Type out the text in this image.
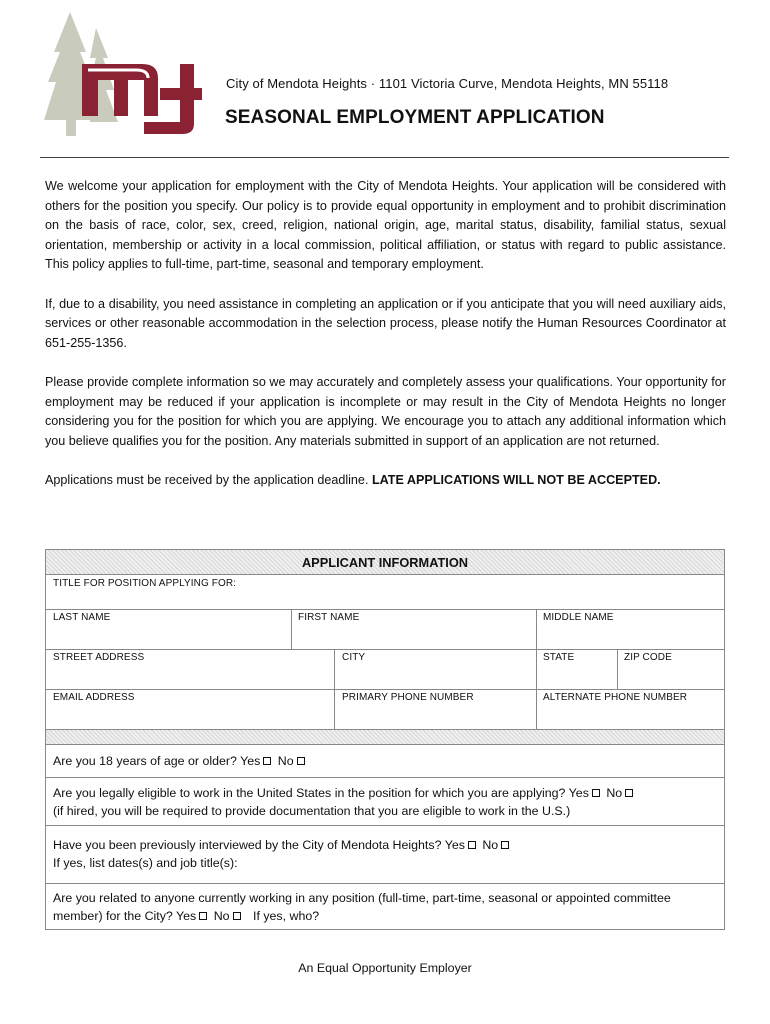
City of Mendota Heights · 1101 Victoria Curve, Mendota Heights, MN 55118
SEASONAL EMPLOYMENT APPLICATION

We welcome your application for employment with the City of Mendota Heights. Your application will be considered with others for the position you specify. Our policy is to provide equal opportunity in employment and to prohibit discrimination on the basis of race, color, sex, creed, religion, national origin, age, marital status, disability, familial status, sexual orientation, membership or activity in a local commission, political affiliation, or status with regard to public assistance. This policy applies to full-time, part-time, seasonal and temporary employment.

If, due to a disability, you need assistance in completing an application or if you anticipate that you will need auxiliary aids, services or other reasonable accommodation in the selection process, please notify the Human Resources Coordinator at 651-255-1356.

Please provide complete information so we may accurately and completely assess your qualifications. Your opportunity for employment may be reduced if your application is incomplete or may result in the City of Mendota Heights no longer considering you for the position for which you are applying. We encourage you to attach any additional information which you believe qualifies you for the position. Any materials submitted in support of an application are not returned.

Applications must be received by the application deadline. LATE APPLICATIONS WILL NOT BE ACCEPTED.

APPLICANT INFORMATION
TITLE FOR POSITION APPLYING FOR:
LAST NAME	FIRST NAME	MIDDLE NAME
STREET ADDRESS	CITY	STATE	ZIP CODE
EMAIL ADDRESS	PRIMARY PHONE NUMBER	ALTERNATE PHONE NUMBER
Are you 18 years of age or older? Yes No
Are you legally eligible to work in the United States in the position for which you are applying? Yes No
(if hired, you will be required to provide documentation that you are eligible to work in the U.S.)
Have you been previously interviewed by the City of Mendota Heights? Yes No
If yes, list dates(s) and job title(s):
Are you related to anyone currently working in any position (full-time, part-time, seasonal or appointed committee
member) for the City? Yes No If yes, who?
An Equal Opportunity Employer
